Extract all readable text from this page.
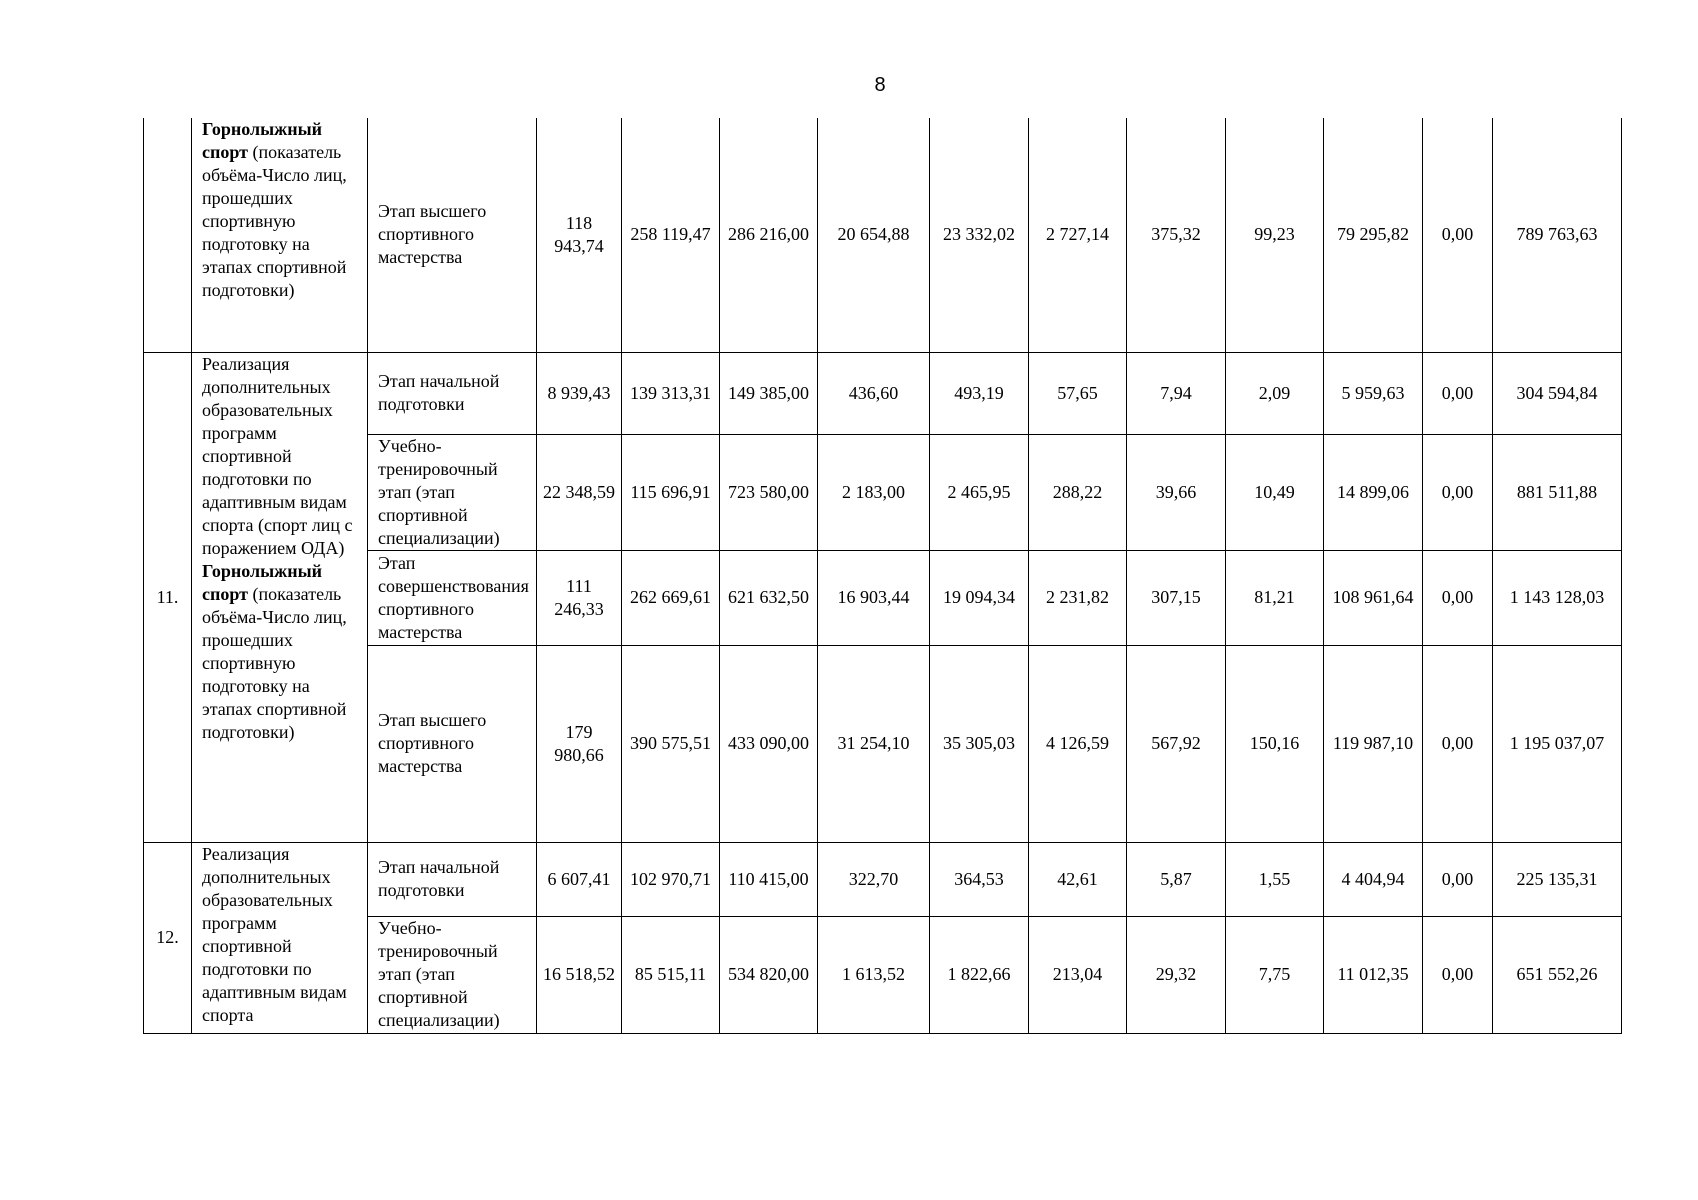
8
	Горнолыжный спорт (показатель объёма-Число лиц, прошедших спортивную подготовку на этапах спортивной подготовки)	Этап высшего спортивного мастерства	118 943,74	258 119,47	286 216,00	20 654,88	23 332,02	2 727,14	375,32	99,23	79 295,82	0,00	789 763,63
11.	Реализация дополнительных образовательных программ спортивной подготовки по адаптивным видам спорта (спорт лиц с поражением ОДА) Горнолыжный спорт (показатель объёма-Число лиц, прошедших спортивную подготовку на этапах спортивной подготовки)	Этап начальной подготовки	8 939,43	139 313,31	149 385,00	436,60	493,19	57,65	7,94	2,09	5 959,63	0,00	304 594,84
		Учебно-тренировочный этап (этап спортивной специализации)	22 348,59	115 696,91	723 580,00	2 183,00	2 465,95	288,22	39,66	10,49	14 899,06	0,00	881 511,88
		Этап совершенствования спортивного мастерства	111 246,33	262 669,61	621 632,50	16 903,44	19 094,34	2 231,82	307,15	81,21	108 961,64	0,00	1 143 128,03
		Этап высшего спортивного мастерства	179 980,66	390 575,51	433 090,00	31 254,10	35 305,03	4 126,59	567,92	150,16	119 987,10	0,00	1 195 037,07
12.	Реализация дополнительных образовательных программ спортивной подготовки по адаптивным видам спорта	Этап начальной подготовки	6 607,41	102 970,71	110 415,00	322,70	364,53	42,61	5,87	1,55	4 404,94	0,00	225 135,31
		Учебно-тренировочный этап (этап спортивной специализации)	16 518,52	85 515,11	534 820,00	1 613,52	1 822,66	213,04	29,32	7,75	11 012,35	0,00	651 552,26
